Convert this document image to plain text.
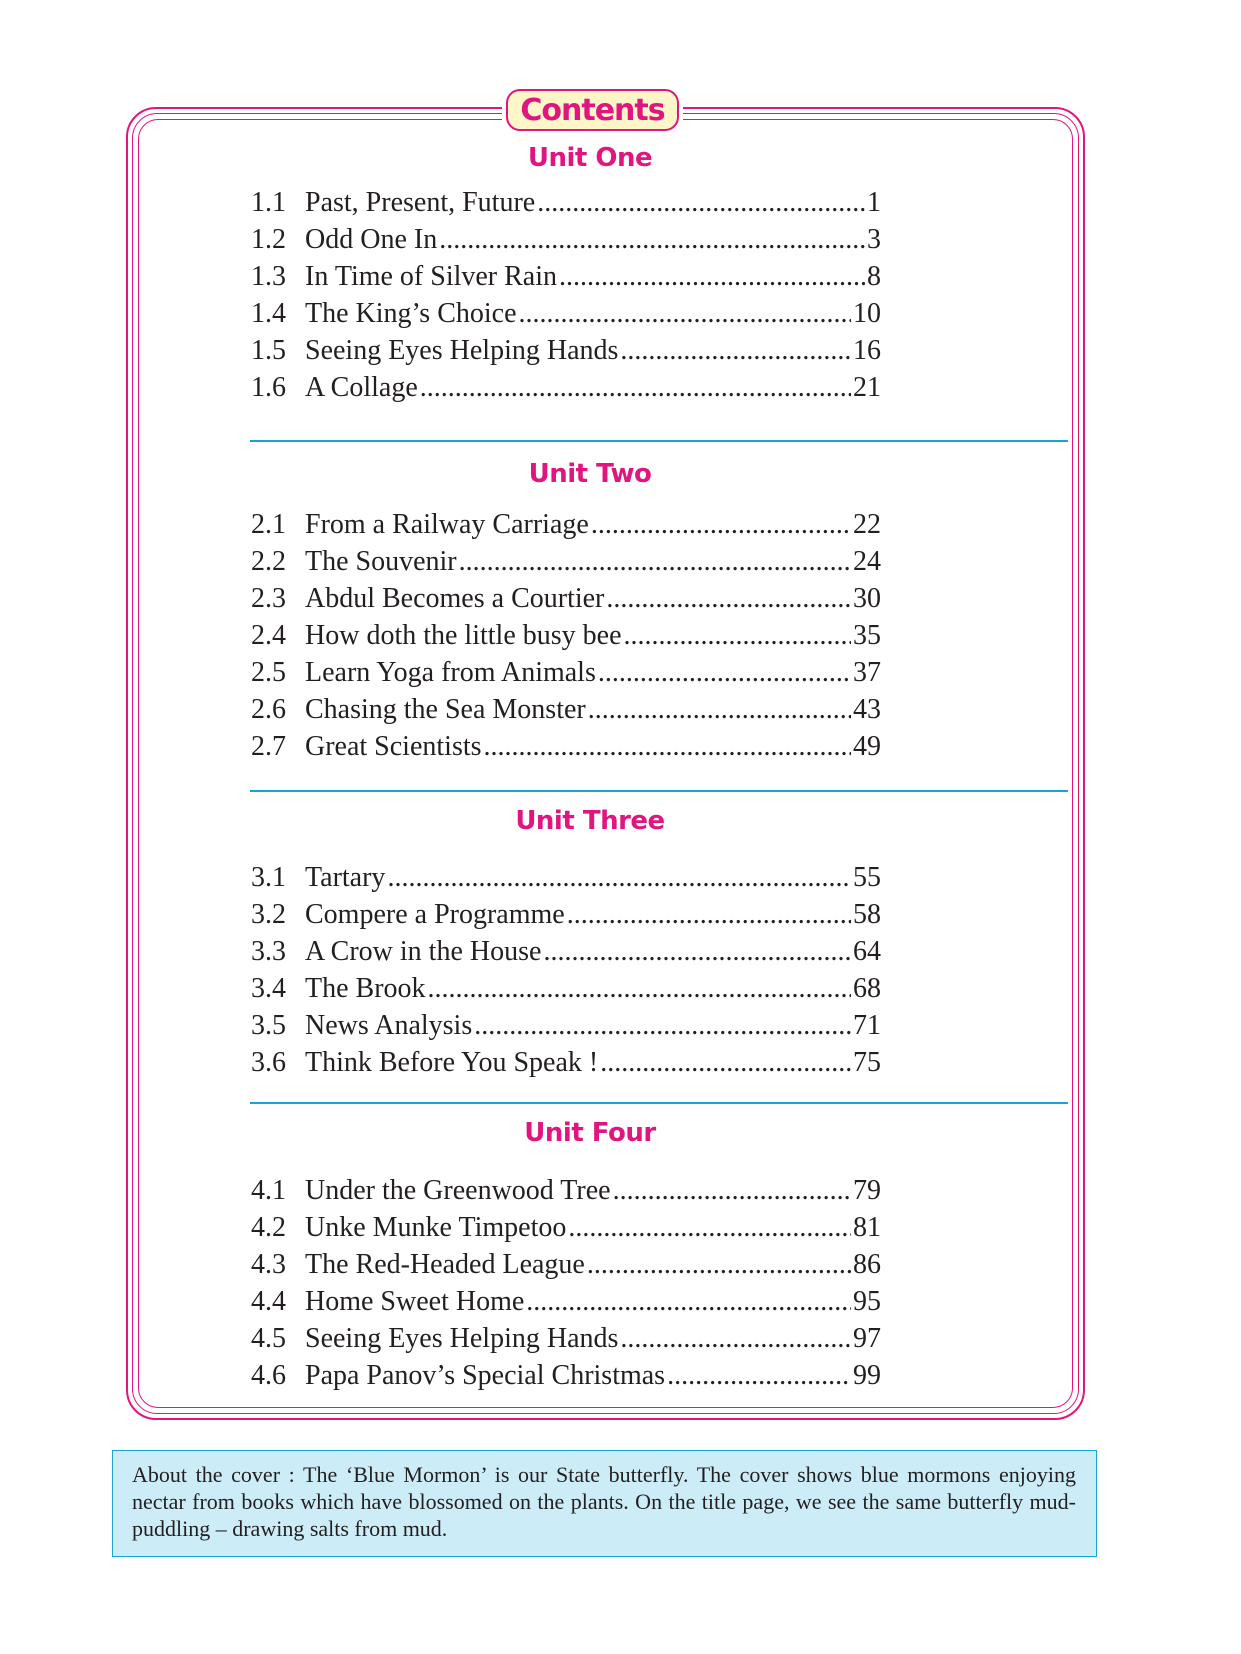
Contents
Unit One
1.1 Past, Present, Future .....	1
1.2 Odd One In .....	3
1.3 In Time of Silver Rain .....	8
1.4 The King’s Choice .....	10
1.5 Seeing Eyes Helping Hands .....	16
1.6 A Collage .....	21
Unit Two
2.1 From a Railway Carriage .....	22
2.2 The Souvenir .....	24
2.3 Abdul Becomes a Courtier .....	30
2.4 How doth the little busy bee .....	35
2.5 Learn Yoga from Animals .....	37
2.6 Chasing the Sea Monster .....	43
2.7 Great Scientists .....	49
Unit Three
3.1 Tartary .....	55
3.2 Compere a Programme .....	58
3.3 A Crow in the House .....	64
3.4 The Brook .....	68
3.5 News Analysis .....	71
3.6 Think Before You Speak ! .....	75
Unit Four
4.1 Under the Greenwood Tree .....	79
4.2 Unke Munke Timpetoo .....	81
4.3 The Red-Headed League .....	86
4.4 Home Sweet Home .....	95
4.5 Seeing Eyes Helping Hands .....	97
4.6 Papa Panov’s Special Christmas .....	99
About the cover : The ‘Blue Mormon’ is our State butterfly. The cover shows blue mormons enjoying nectar from books which have blossomed on the plants. On the title page, we see the same butterfly mud-puddling – drawing salts from mud.
